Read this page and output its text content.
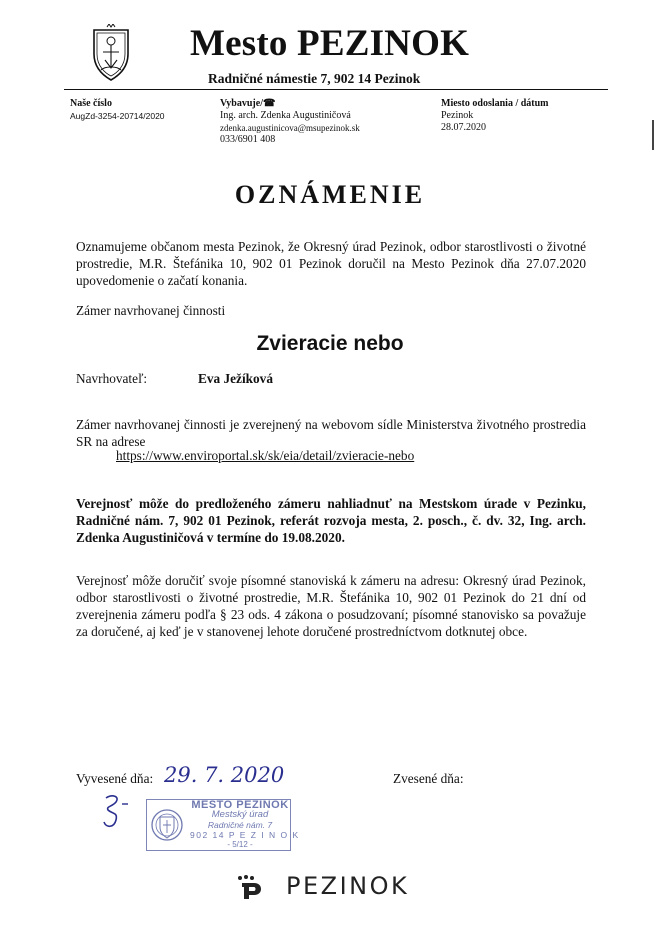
Mesto PEZINOK
Radničné námestie 7, 902 14 Pezinok
Naše číslo
AugZd-3254-20714/2020
Vybavuje/☎
Ing. arch. Zdenka Augustiničová
zdenka.augustinicova@msupezinok.sk
033/6901 408
Miesto odoslania / dátum
Pezinok
28.07.2020
OZNÁMENIE
Oznamujeme občanom mesta Pezinok, že Okresný úrad Pezinok, odbor starostlivosti o životné prostredie, M.R. Štefánika 10, 902 01 Pezinok doručil na Mesto Pezinok dňa 27.07.2020 upovedomenie o začatí konania.
Zámer navrhovanej činnosti
Zvieracie nebo
Navrhovateľ:	Eva Ježíková
Zámer navrhovanej činnosti je zverejnený na webovom sídle Ministerstva životného prostredia SR na adrese
https://www.enviroportal.sk/sk/eia/detail/zvieracie-nebo
Verejnosť môže do predloženého zámeru nahliadnuť na Mestskom úrade v Pezinku, Radničné nám. 7, 902 01 Pezinok, referát rozvoja mesta, 2. posch., č. dv. 32, Ing. arch. Zdenka Augustiničová v termíne do 19.08.2020.
Verejnosť môže doručiť svoje písomné stanoviská k zámeru na adresu: Okresný úrad Pezinok, odbor starostlivosti o životné prostredie, M.R. Štefánika 10, 902 01 Pezinok do 21 dní od zverejnenia zámeru podľa § 23 ods. 4 zákona o posudzovaní; písomné stanovisko sa považuje za doručené, aj keď je v stanovenej lehote doručené prostredníctvom dotknutej obce.
Vyvesené dňa: 29. 7. 2020	Zvesené dňa:
MESTO PEZINOK
Mestský úrad
Radničné nám. 7
902 14 P E Z I N O K
- 5/12 -
PEZINOK
